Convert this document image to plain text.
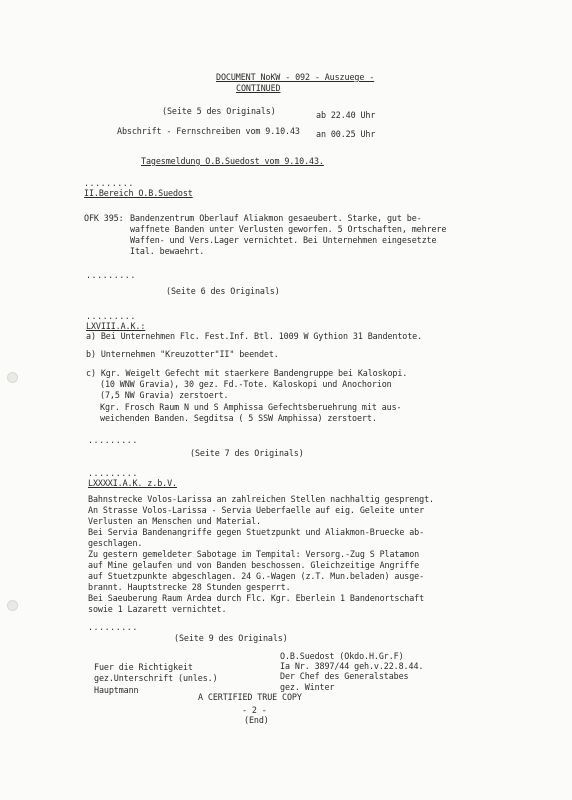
DOCUMENT NoKW - 092 - Auszuege -
CONTINUED
(Seite 5 des Originals)	ab 22.40 Uhr
Abschrift - Fernschreiben vom 9.10.43 an 00.25 Uhr
Tagesmeldung O.B.Suedost vom 9.10.43.
.........
II.Bereich O.B.Suedost
OFK 395: Bandenzentrum Oberlauf Aliakmon gesaeubert. Starke, gut be-
waffnete Banden unter Verlusten geworfen. 5 Ortschaften, mehrere
Waffen- und Vers.Lager vernichtet. Bei Unternehmen eingesetzte
Ital. bewaehrt.
.........
(Seite 6 des Originals)
.........
LXVIII.A.K.:
a) Bei Unternehmen Flc. Fest.Inf. Btl. 1009 W Gythion 31 Bandentote.
b) Unternehmen "Kreuzotter"II" beendet.
c) Kgr. Weigelt Gefecht mit staerkere Bandengruppe bei Kaloskopi.
(10 WNW Gravia), 30 gez. Fd.-Tote. Kaloskopi und Anochorion
(7,5 NW Gravia) zerstoert.
Kgr. Frosch Raum N und S Amphissa Gefechtsberuehrung mit aus-
weichenden Banden. Segditsa ( 5 SSW Amphissa) zerstoert.
.........
(Seite 7 des Originals)
.........
LXXXXI.A.K. z.b.V.
Bahnstrecke Volos-Larissa an zahlreichen Stellen nachhaltig gesprengt.
An Strasse Volos-Larissa - Servia Ueberfaelle auf eig. Geleite unter
Verlusten an Menschen und Material.
Bei Servia Bandenangriffe gegen Stuetzpunkt und Aliakmon-Bruecke ab-
geschlagen.
Zu gestern gemeldeter Sabotage im Tempital: Versorg.-Zug S Platamon
auf Mine gelaufen und von Banden beschossen. Gleichzeitige Angriffe
auf Stuetzpunkte abgeschlagen. 24 G.-Wagen (z.T. Mun.beladen) ausge-
brannt. Hauptstrecke 28 Stunden gesperrt.
Bei Saeuberung Raum Ardea durch Flc. Kgr. Eberlein 1 Bandenortschaft
sowie 1 Lazarett vernichtet.
.........
(Seite 9 des Originals)
O.B.Suedost (Okdo.H.Gr.F)
Fuer die Richtigkeit	Ia Nr. 3897/44 geh.v.22.8.44.
gez.Unterschrift (unles.)	Der Chef des Generalstabes
gez. Winter
Hauptmann
A CERTIFIED TRUE COPY
- 2 -
(End)
